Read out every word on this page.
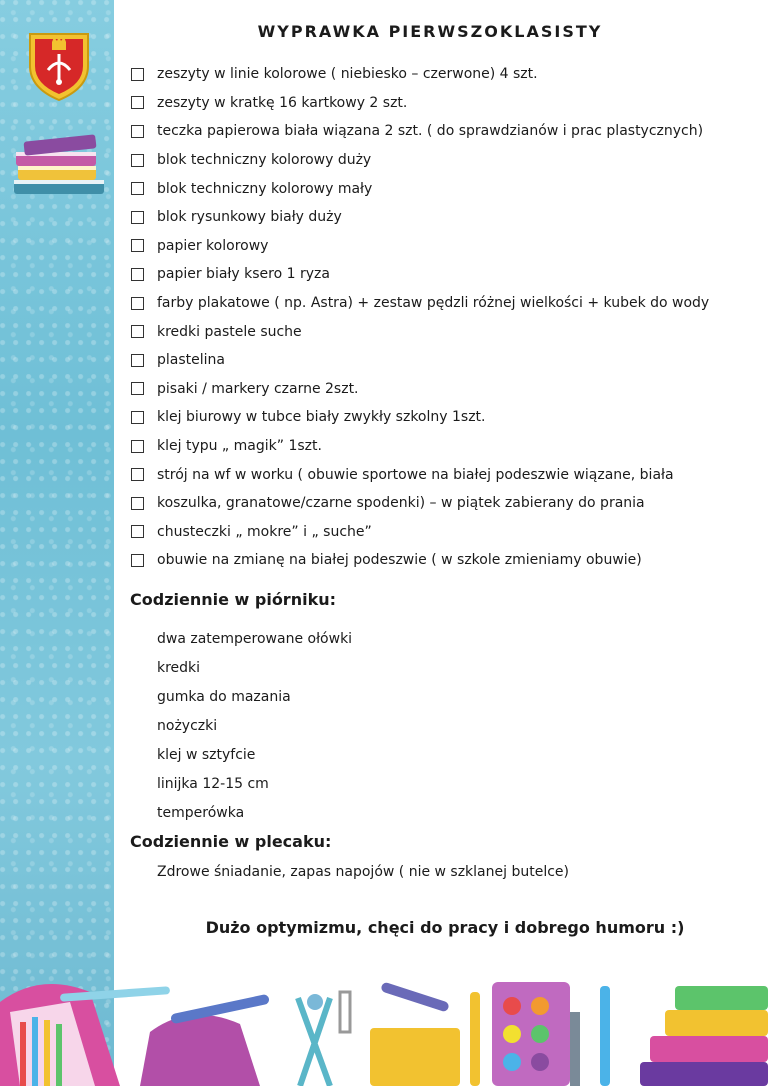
WYPRAWKA PIERWSZOKLASISTY
zeszyty w linie kolorowe ( niebiesko – czerwone) 4 szt.
zeszyty w kratkę 16 kartkowy 2 szt.
teczka papierowa biała wiązana 2 szt. ( do sprawdzianów i prac plastycznych)
blok techniczny kolorowy duży
blok techniczny kolorowy mały
blok rysunkowy biały duży
papier kolorowy
papier biały ksero 1 ryza
farby plakatowe ( np. Astra) + zestaw pędzli różnej wielkości + kubek do wody
kredki pastele suche
plastelina
pisaki / markery czarne 2szt.
klej biurowy w tubce biały zwykły szkolny 1szt.
klej typu „ magik” 1szt.
strój na wf w worku ( obuwie sportowe na białej podeszwie wiązane, biała
koszulka, granatowe/czarne spodenki) – w piątek zabierany do prania
chusteczki „ mokre” i „ suche”
obuwie na zmianę na białej podeszwie ( w szkole zmieniamy obuwie)
Codziennie w piórniku:
dwa zatemperowane ołówki
kredki
gumka do mazania
nożyczki
klej w sztyfcie
linijka 12-15 cm
temperówka
Codziennie w plecaku:
Zdrowe śniadanie, zapas napojów ( nie w szklanej butelce)
Dużo optymizmu, chęci do pracy i dobrego humoru :)
